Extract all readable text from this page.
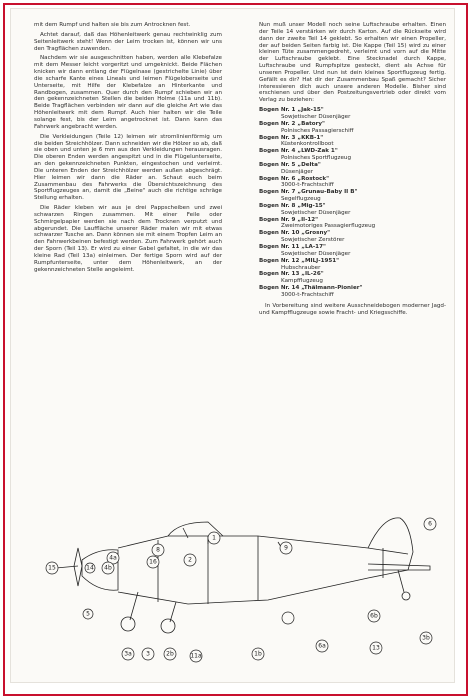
mit dem Rumpf und halten sie bis zum Antrocknen fest.

Achtet darauf, daß das Höhenleitwerk genau rechtwinklig zum Seitenleitwerk steht! Wenn der Leim trocken ist, können wir uns den Tragflächen zuwenden.

Nachdem wir sie ausgeschnitten haben, werden alle Klebefalze mit dem Messer leicht vorgeritzt und umgeknickt. Beide Flächen knicken wir dann entlang der Flügelnase (gestrichelte Linie) über die scharfe Kante eines Lineals und leimen Flügeloberseite und Unterseite, mit Hilfe der Klebefalze an Hinterkante und Randbogen, zusammen. Quer durch den Rumpf schieben wir an den gekennzeichneten Stellen die beiden Holme (11a und 11b). Beide Tragflächen verbinden wir dann auf die gleiche Art wie das Höhenleitwerk mit dem Rumpf. Auch hier halten wir die Teile solange fest, bis der Leim angetrocknet ist. Dann kann das Fahrwerk angebracht werden.

Die Verkleidungen (Teile 12) leimen wir stromlinienförmig um die beiden Streichhölzer. Dann schneiden wir die Hölzer so ab, daß sie oben und unten je 6 mm aus den Verkleidungen herausragen. Die oberen Enden werden angespitzt und in die Flügelunterseite, an den gekennzeichneten Punkten, eingestochen und verleimt. Die unteren Enden der Streichhölzer werden außen abgeschrägt. Hier leimen wir dann die Räder an. Schaut euch beim Zusammenbau des Fahrwerks die Übersichtszeichnung des Sportflugzeuges an, damit die „Beine" auch die richtige schräge Stellung erhalten.

Die Räder kleben wir aus je drei Pappscheiben und zwei schwarzen Ringen zusammen. Mit einer Feile oder Schmirgelpapier werden sie nach dem Trocknen verputzt und abgerundet. Die Lauffläche unserer Räder malen wir mit etwas schwarzer Tusche an. Dann können sie mit einem Tropfen Leim an den Fahrwerkbeinen befestigt werden. Zum Fahrwerk gehört auch der Sporn (Teil 13). Er wird zu einer Gabel gefaltet, in die wir das kleine Rad (Teil 13a) einleimen. Der fertige Sporn wird auf der Rumpfunterseite, unter dem Höhenleitwerk, an der gekennzeichneten Stelle angeleimt.

Nun muß unser Modell noch seine Luftschraube erhalten. Einen der Teile 14 verstärken wir durch Karton. Auf die Rückseite wird dann der zweite Teil 14 geklebt. So erhalten wir einen Propeller, der auf beiden Seiten farbig ist. Die Kappe (Teil 15) wird zu einer kleinen Tüte zusammengedreht, verleimt und vorn auf die Mitte der Luftschraube geklebt. Eine Stecknadel durch Kappe, Luftschraube und Rumpfspitze gesteckt, dient als Achse für unseren Propeller. Und nun ist dein kleines Sportflugzeug fertig. Gefällt es dir? Hat dir der Zusammenbau Spaß gemacht? Sicher interessieren dich auch unsere anderen Modelle. Bisher sind erschienen und über den Postzeitungsvertrieb oder direkt vom Verlag zu beziehen:

Bogen Nr. 1 „Jak-15"
Sowjetischer Düsenjäger
Bogen Nr. 2 „Batory"
Polnisches Passagierschiff
Bogen Nr. 3 „KKB-1"
Küstenkontrollboot
Bogen Nr. 4 „LWD-Zak 1"
Polnisches Sportflugzeug
Bogen Nr. 5 „Delta"
Düsenjäger
Bogen Nr. 6 „Rostock"
3000-t-Frachtschiff
Bogen Nr. 7 „Grunau-Baby II B"
Segelflugzeug
Bogen Nr. 8 „Mig-15"
Sowjetischer Düsenjäger
Bogen Nr. 9 „Il-12"
Zweimotoriges Passagierflugzeug
Bogen Nr. 10 „Grosny"
Sowjetischer Zerstörer
Bogen Nr. 11 „LA-17"
Sowjetischer Düsenjäger
Bogen Nr. 12 „MILJ-1951"
Hubschrauber
Bogen Nr. 13 „IL-26"
Kampfflugzeug
Bogen Nr. 14 „Thälmann-Pionier"
3000-t-Frachtschiff

In Vorbereitung sind weitere Ausschneidebogen moderner Jagd- und Kampfflugzeuge sowie Fracht- und Kriegsschiffe.

1
2
9
8
16
4a
4b
15	14
5
3a 3	2b	11a	1b
6a	13
6b
6
3b
